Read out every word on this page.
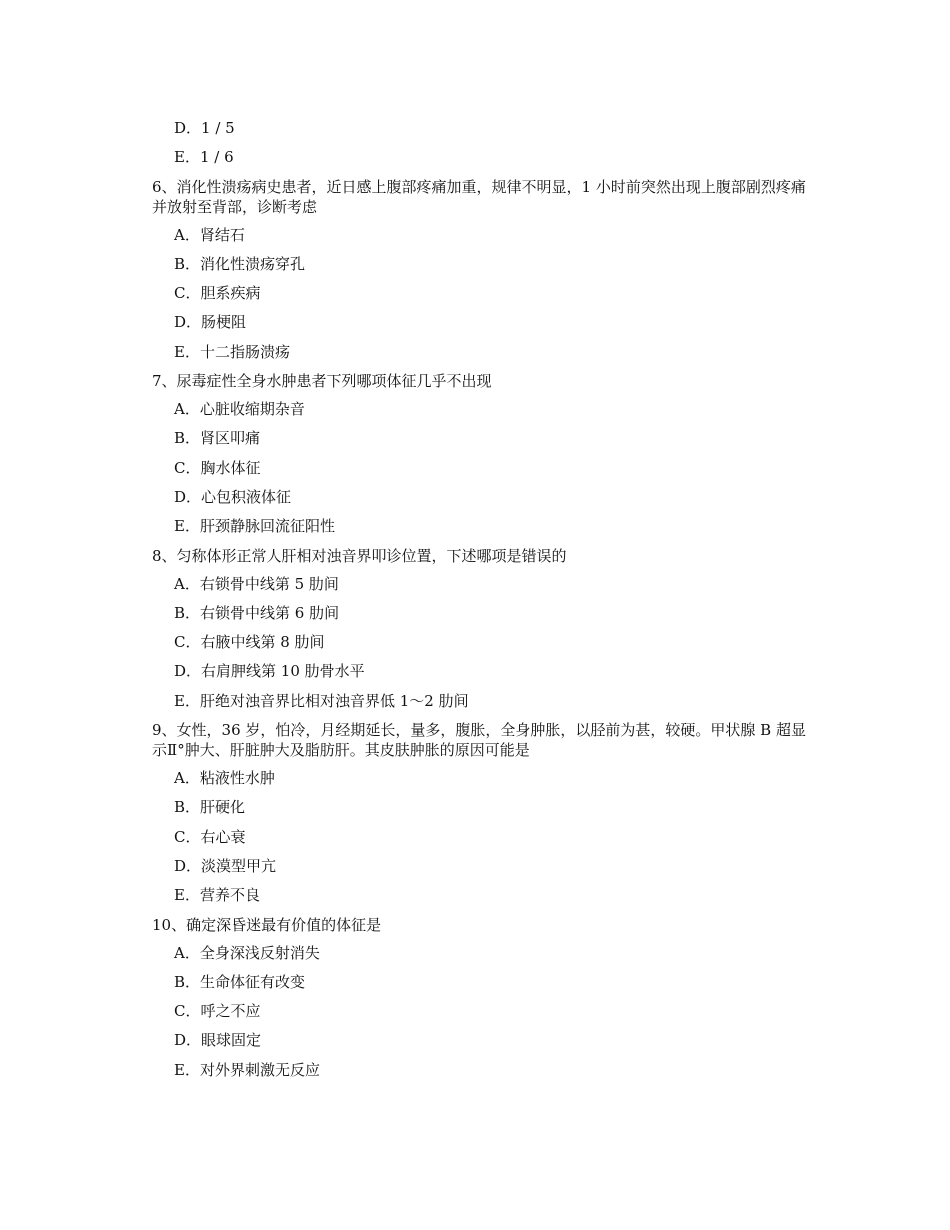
D．1 / 5
E．1 / 6
6、消化性溃疡病史患者，近日感上腹部疼痛加重，规律不明显，1 小时前突然出现上腹部剧烈疼痛并放射至背部，诊断考虑
A．肾结石
B．消化性溃疡穿孔
C．胆系疾病
D．肠梗阻
E．十二指肠溃疡
7、尿毒症性全身水肿患者下列哪项体征几乎不出现
A．心脏收缩期杂音
B．肾区叩痛
C．胸水体征
D．心包积液体征
E．肝颈静脉回流征阳性
8、匀称体形正常人肝相对浊音界叩诊位置，下述哪项是错误的
A．右锁骨中线第 5 肋间
B．右锁骨中线第 6 肋间
C．右腋中线第 8 肋间
D．右肩胛线第 10 肋骨水平
E．肝绝对浊音界比相对浊音界低 1～2 肋间
9、女性，36 岁，怕冷，月经期延长，量多，腹胀，全身肿胀，以胫前为甚，较硬。甲状腺 B 超显示Ⅱ°肿大、肝脏肿大及脂肪肝。其皮肤肿胀的原因可能是
A．粘液性水肿
B．肝硬化
C．右心衰
D．淡漠型甲亢
E．营养不良
10、确定深昏迷最有价值的体征是
A．全身深浅反射消失
B．生命体征有改变
C．呼之不应
D．眼球固定
E．对外界刺激无反应
